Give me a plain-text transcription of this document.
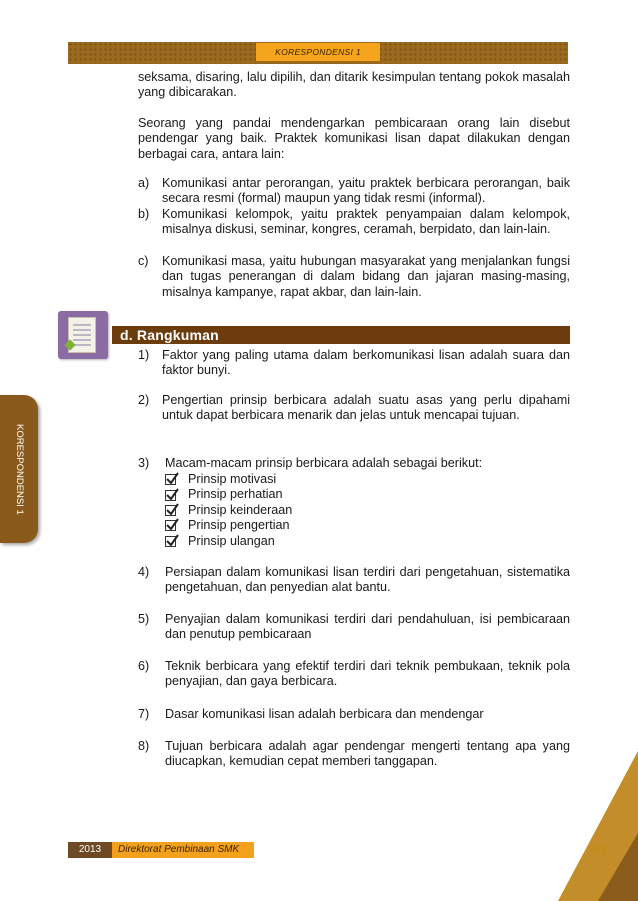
KORESPONDENSI 1
KORESPONDENSI 1

seksama, disaring, lalu dipilih, dan ditarik kesimpulan tentang pokok masalah yang dibicarakan.

Seorang yang pandai mendengarkan pembicaraan orang lain disebut pendengar yang baik. Praktek komunikasi lisan dapat dilakukan dengan berbagai cara, antara lain:

a) Komunikasi antar perorangan, yaitu praktek berbicara perorangan, baik secara resmi (formal) maupun yang tidak resmi (informal).

b) Komunikasi kelompok, yaitu praktek penyampaian dalam kelompok, misalnya diskusi, seminar, kongres, ceramah, berpidato, dan lain-lain.

c) Komunikasi masa, yaitu hubungan masyarakat yang menjalankan fungsi dan tugas penerangan di dalam bidang dan jajaran masing-masing, misalnya kampanye, rapat akbar, dan lain-lain.

d. Rangkuman
1) Faktor yang paling utama dalam berkomunikasi lisan adalah suara dan faktor bunyi.

2) Pengertian prinsip berbicara adalah suatu asas yang perlu dipahami untuk dapat berbicara menarik dan jelas untuk mencapai tujuan.

3) Macam-macam prinsip berbicara adalah sebagai berikut:

Prinsip motivasi
Prinsip perhatian
Prinsip keinderaan
Prinsip pengertian
Prinsip ulangan
4) Persiapan dalam komunikasi lisan terdiri dari pengetahuan, sistematika pengetahuan, dan penyedian alat bantu.

5) Penyajian dalam komunikasi terdiri dari pendahuluan, isi pembicaraan dan penutup pembicaraan

6) Teknik berbicara yang efektif terdiri dari teknik pembukaan, teknik pola penyajian, dan gaya berbicara.

7) Dasar komunikasi lisan adalah berbicara dan mendengar

8) Tujuan berbicara adalah agar pendengar mengerti tentang apa yang diucapkan, kemudian cepat memberi tanggapan.

2013	Direktorat Pembinaan SMK	63
